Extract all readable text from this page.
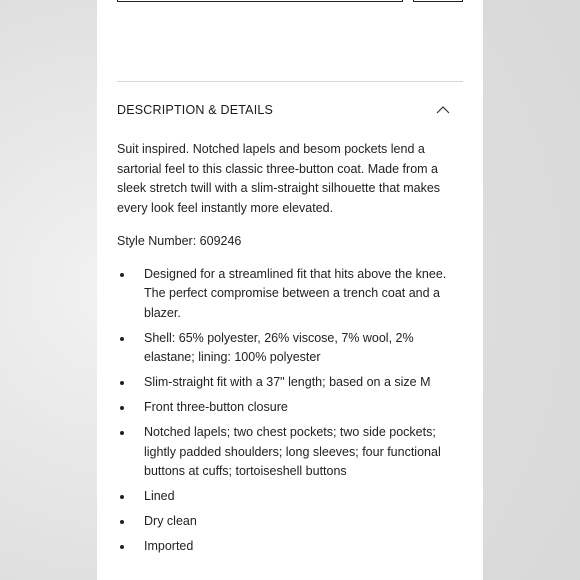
DESCRIPTION & DETAILS

Suit inspired. Notched lapels and besom pockets lend a sartorial feel to this classic three-button coat. Made from a sleek stretch twill with a slim-straight silhouette that makes every look feel instantly more elevated.

Style Number: 609246

Designed for a streamlined fit that hits above the knee. The perfect compromise between a trench coat and a blazer.
Shell: 65% polyester, 26% viscose, 7% wool, 2% elastane; lining: 100% polyester
Slim-straight fit with a 37" length; based on a size M
Front three-button closure
Notched lapels; two chest pockets; two side pockets; lightly padded shoulders; long sleeves; four functional buttons at cuffs; tortoiseshell buttons
Lined
Dry clean
Imported
